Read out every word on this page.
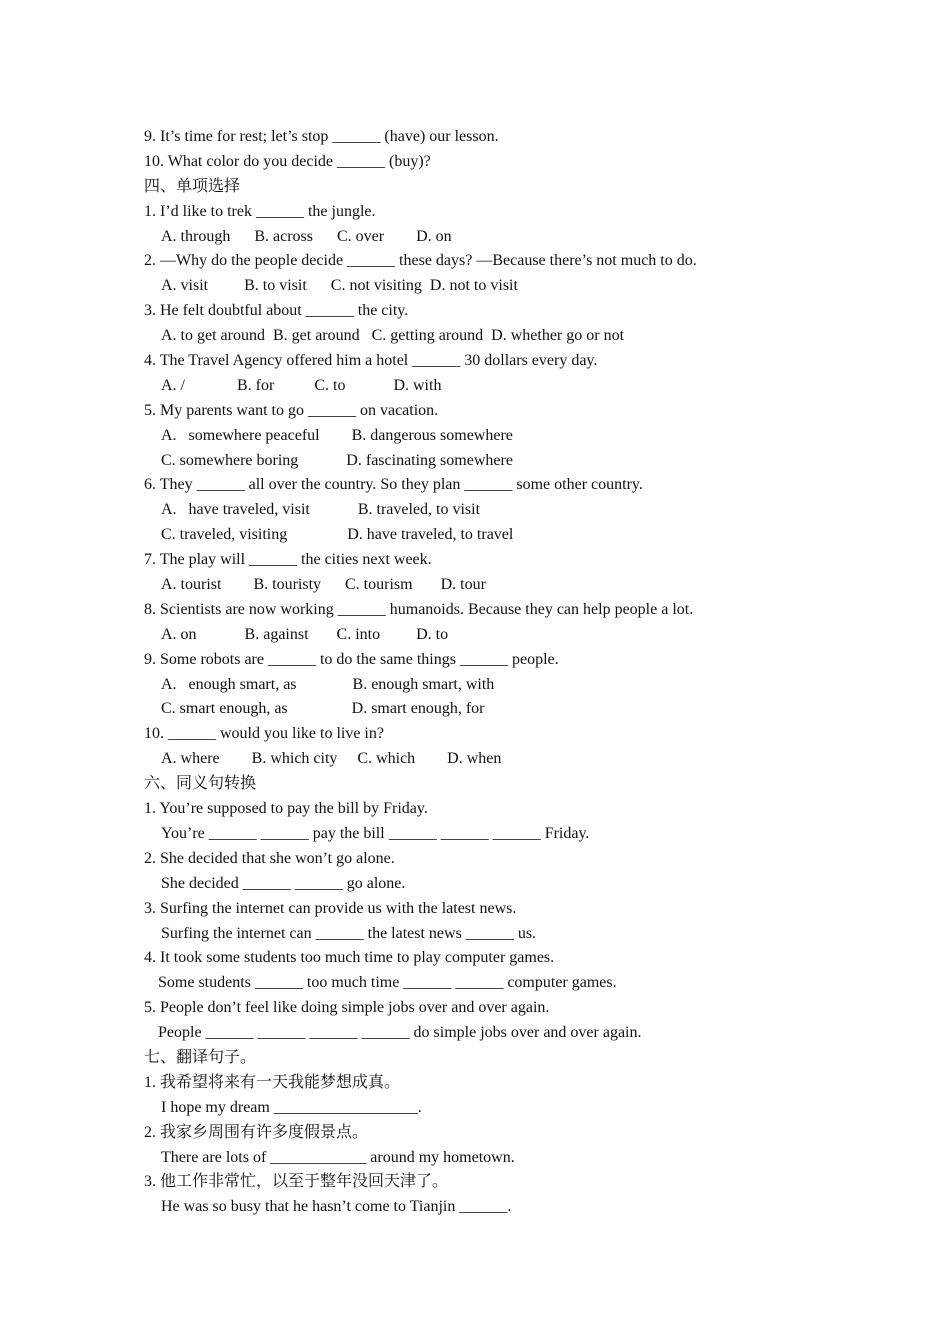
9. It’s time for rest; let’s stop ______ (have) our lesson.
10. What color do you decide ______ (buy)?
四、单项选择
1. I’d like to trek ______ the jungle.
A. through      B. across      C. over        D. on
2. —Why do the people decide ______ these days? —Because there’s not much to do.
A. visit         B. to visit      C. not visiting  D. not to visit
3. He felt doubtful about ______ the city.
A. to get around  B. get around   C. getting around  D. whether go or not
4. The Travel Agency offered him a hotel ______ 30 dollars every day.
A. /             B. for          C. to            D. with
5. My parents want to go ______ on vacation.
A.   somewhere peaceful        B. dangerous somewhere
C. somewhere boring            D. fascinating somewhere
6. They ______ all over the country. So they plan ______ some other country.
A.   have traveled, visit            B. traveled, to visit
C. traveled, visiting               D. have traveled, to travel
7. The play will ______ the cities next week.
A. tourist        B. touristy      C. tourism       D. tour
8. Scientists are now working ______ humanoids. Because they can help people a lot.
A. on            B. against       C. into         D. to
9. Some robots are ______ to do the same things ______ people.
A.   enough smart, as              B. enough smart, with
C. smart enough, as                D. smart enough, for
10. ______ would you like to live in?
A. where        B. which city     C. which        D. when
六、同义句转换
1. You’re supposed to pay the bill by Friday.
You’re ______ ______ pay the bill ______ ______ ______ Friday.
2. She decided that she won’t go alone.
She decided ______ ______ go alone.
3. Surfing the internet can provide us with the latest news.
Surfing the internet can ______ the latest news ______ us.
4. It took some students too much time to play computer games.
Some students ______ too much time ______ ______ computer games.
5. People don’t feel like doing simple jobs over and over again.
People ______ ______ ______ ______ do simple jobs over and over again.
七、翻译句子。
1. 我希望将来有一天我能梦想成真。
I hope my dream __________________.
2. 我家乡周围有许多度假景点。
There are lots of ____________ around my hometown.
3. 他工作非常忙，以至于整年没回天津了。
He was so busy that he hasn’t come to Tianjin ______.
